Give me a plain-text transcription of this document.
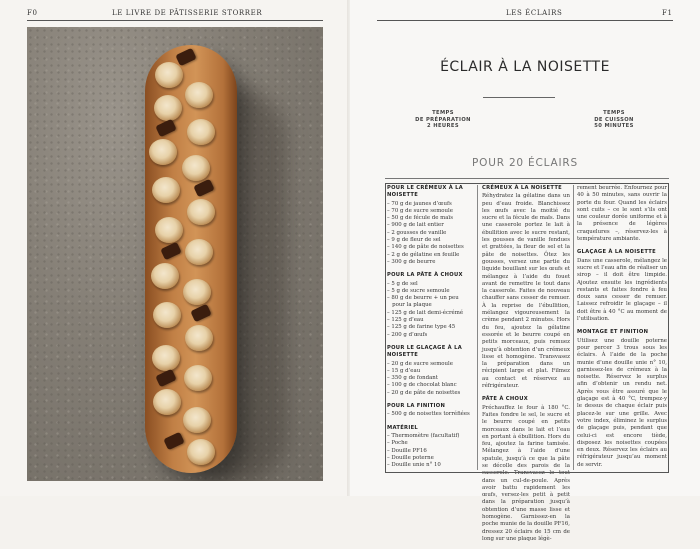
F0	LE LIVRE DE PÂTISSERIE STORRER	LES ÉCLAIRS	F1
ÉCLAIR À LA NOISETTE
TEMPS
DE PRÉPARATION
2 HEURES
TEMPS
DE CUISSON
50 MINUTES
POUR 20 ÉCLAIRS
POUR LE CRÉMEUX À LA NOISETTE
– 70 g de jaunes d’œufs
– 70 g de sucre semoule
– 50 g de fécule de maïs
– 900 g de lait entier
– 2 gousses de vanille
– 9 g de fleur de sel
– 140 g de pâte de noisettes
– 2 g de gélatine en feuille
– 300 g de beurre
POUR LA PÂTE À CHOUX
– 5 g de sel
– 5 g de sucre semoule
– 80 g de beurre + un peu
pour la plaque
– 125 g de lait demi-écrémé
– 125 g d’eau
– 125 g de farine type 45
– 200 g d’œufs
POUR LE GLAÇAGE À LA NOISETTE
– 20 g de sucre semoule
– 15 g d’eau
– 350 g de fondant
– 100 g de chocolat blanc
– 20 g de pâte de noisettes
POUR LA FINITION
– 500 g de noisettes torréfiées
MATÉRIEL
– Thermomètre (facultatif)
– Poche
– Douille PF16
– Douille poterne
– Douille unie n° 10
CRÉMEUX À LA NOISETTE

Réhydratez la gélatine dans un peu d’eau froide. Blanchissez les œufs avec la moitié du sucre et la fécule de maïs. Dans une casserole portez le lait à ébullition avec le sucre restant, les gousses de vanille fendues et grattées, la fleur de sel et la pâte de noisettes. Ôtez les gousses, versez une partie du liquide bouillant sur les œufs et mélangez à l’aide du fouet avant de remettre le tout dans la casserole. Faites de nouveau chauffer sans cesser de remuer. À la reprise de l’ébullition, mélangez vigoureusement la crème pendant 2 minutes. Hors du feu, ajoutez la gélatine essorée et le beurre coupé en petits morceaux, puis remuez jusqu’à obtention d’un crémeux lisse et homogène. Transvasez la préparation dans un récipient large et plat. Filmez au contact et réservez au réfrigérateur.

PÂTE À CHOUX

Préchauffez le four à 180 °C. Faites fondre le sel, le sucre et le beurre coupé en petits morceaux dans le lait et l’eau en portant à ébullition. Hors du feu, ajoutez la farine tamisée. Mélangez à l’aide d’une spatule, jusqu’à ce que la pâte se décolle des parois de la casserole. Transvasez le tout dans un cul-de-poule. Après avoir battu rapidement les œufs, versez-les petit à petit dans la préparation jusqu’à obtention d’une masse lisse et homogène. Garnissez-en la poche munie de la douille PF16, dressez 20 éclairs de 15 cm de long sur une plaque légè-

rement beurrée. Enfournez pour 40 à 50 minutes, sans ouvrir la porte du four. Quand les éclairs sont cuits – ce le sont s’ils ont une couleur dorée uniforme et à la présence de légères craquelures –, réservez-les à température ambiante.

GLAÇAGE À LA NOISETTE

Dans une casserole, mélangez le sucre et l’eau afin de réaliser un sirop – il doit être limpide. Ajoutez ensuite les ingrédients restants et faites fondre à feu doux sans cesser de remuer. Laissez refroidir le glaçage – il doit être à 40 °C au moment de l’utilisation.

MONTAGE ET FINITION

Utilisez une douille poterne pour percer 3 trous sous les éclairs. À l’aide de la poche munie d’une douille unie n° 10, garnissez-les de crémeux à la noisette. Réservez le surplus afin d’obtenir un rendu net. Après vous être assuré que le glaçage est à 40 °C, trempez-y le dessus de chaque éclair puis placez-le sur une grille. Avec votre index, éliminez le surplus de glaçage puis, pendant que celui-ci est encore tiède, disposez les noisettes coupées en deux. Réservez les éclairs au réfrigérateur jusqu’au moment de servir.
